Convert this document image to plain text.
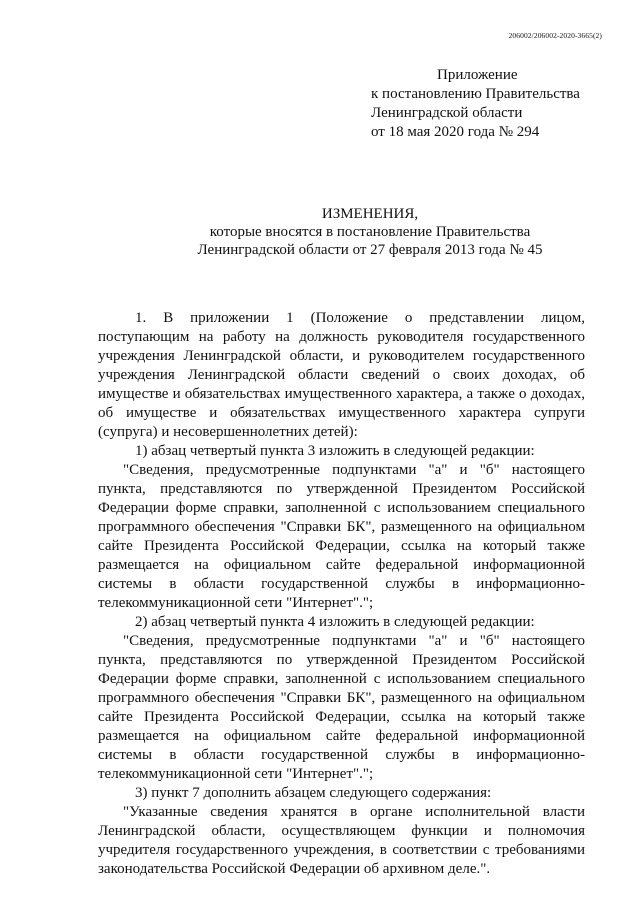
206002/206002-2020-3665(2)
Приложение
к постановлению Правительства
Ленинградской области
от 18 мая 2020 года № 294
ИЗМЕНЕНИЯ,
которые вносятся в постановление Правительства
Ленинградской области от 27 февраля 2013 года № 45

1. В приложении 1 (Положение о представлении лицом, поступающим на работу на должность руководителя государственного учреждения Ленинградской области, и руководителем государственного учреждения Ленинградской области сведений о своих доходах, об имуществе и обязательствах имущественного характера, а также о доходах, об имуществе и обязательствах имущественного характера супруги (супруга) и несовершеннолетних детей):

1) абзац четвертый пункта 3 изложить в следующей редакции:

"Сведения, предусмотренные подпунктами "а" и "б" настоящего пункта, представляются по утвержденной Президентом Российской Федерации форме справки, заполненной с использованием специального программного обеспечения "Справки БК", размещенного на официальном сайте Президента Российской Федерации, ссылка на который также размещается на официальном сайте федеральной информационной системы в области государственной службы в информационно-телекоммуникационной сети "Интернет".";

2) абзац четвертый пункта 4 изложить в следующей редакции:

"Сведения, предусмотренные подпунктами "а" и "б" настоящего пункта, представляются по утвержденной Президентом Российской Федерации форме справки, заполненной с использованием специального программного обеспечения "Справки БК", размещенного на официальном сайте Президента Российской Федерации, ссылка на который также размещается на официальном сайте федеральной информационной системы в области государственной службы в информационно-телекоммуникационной сети "Интернет".";

3) пункт 7 дополнить абзацем следующего содержания:

"Указанные сведения хранятся в органе исполнительной власти Ленинградской области, осуществляющем функции и полномочия учредителя государственного учреждения, в соответствии с требованиями законодательства Российской Федерации об архивном деле.".
